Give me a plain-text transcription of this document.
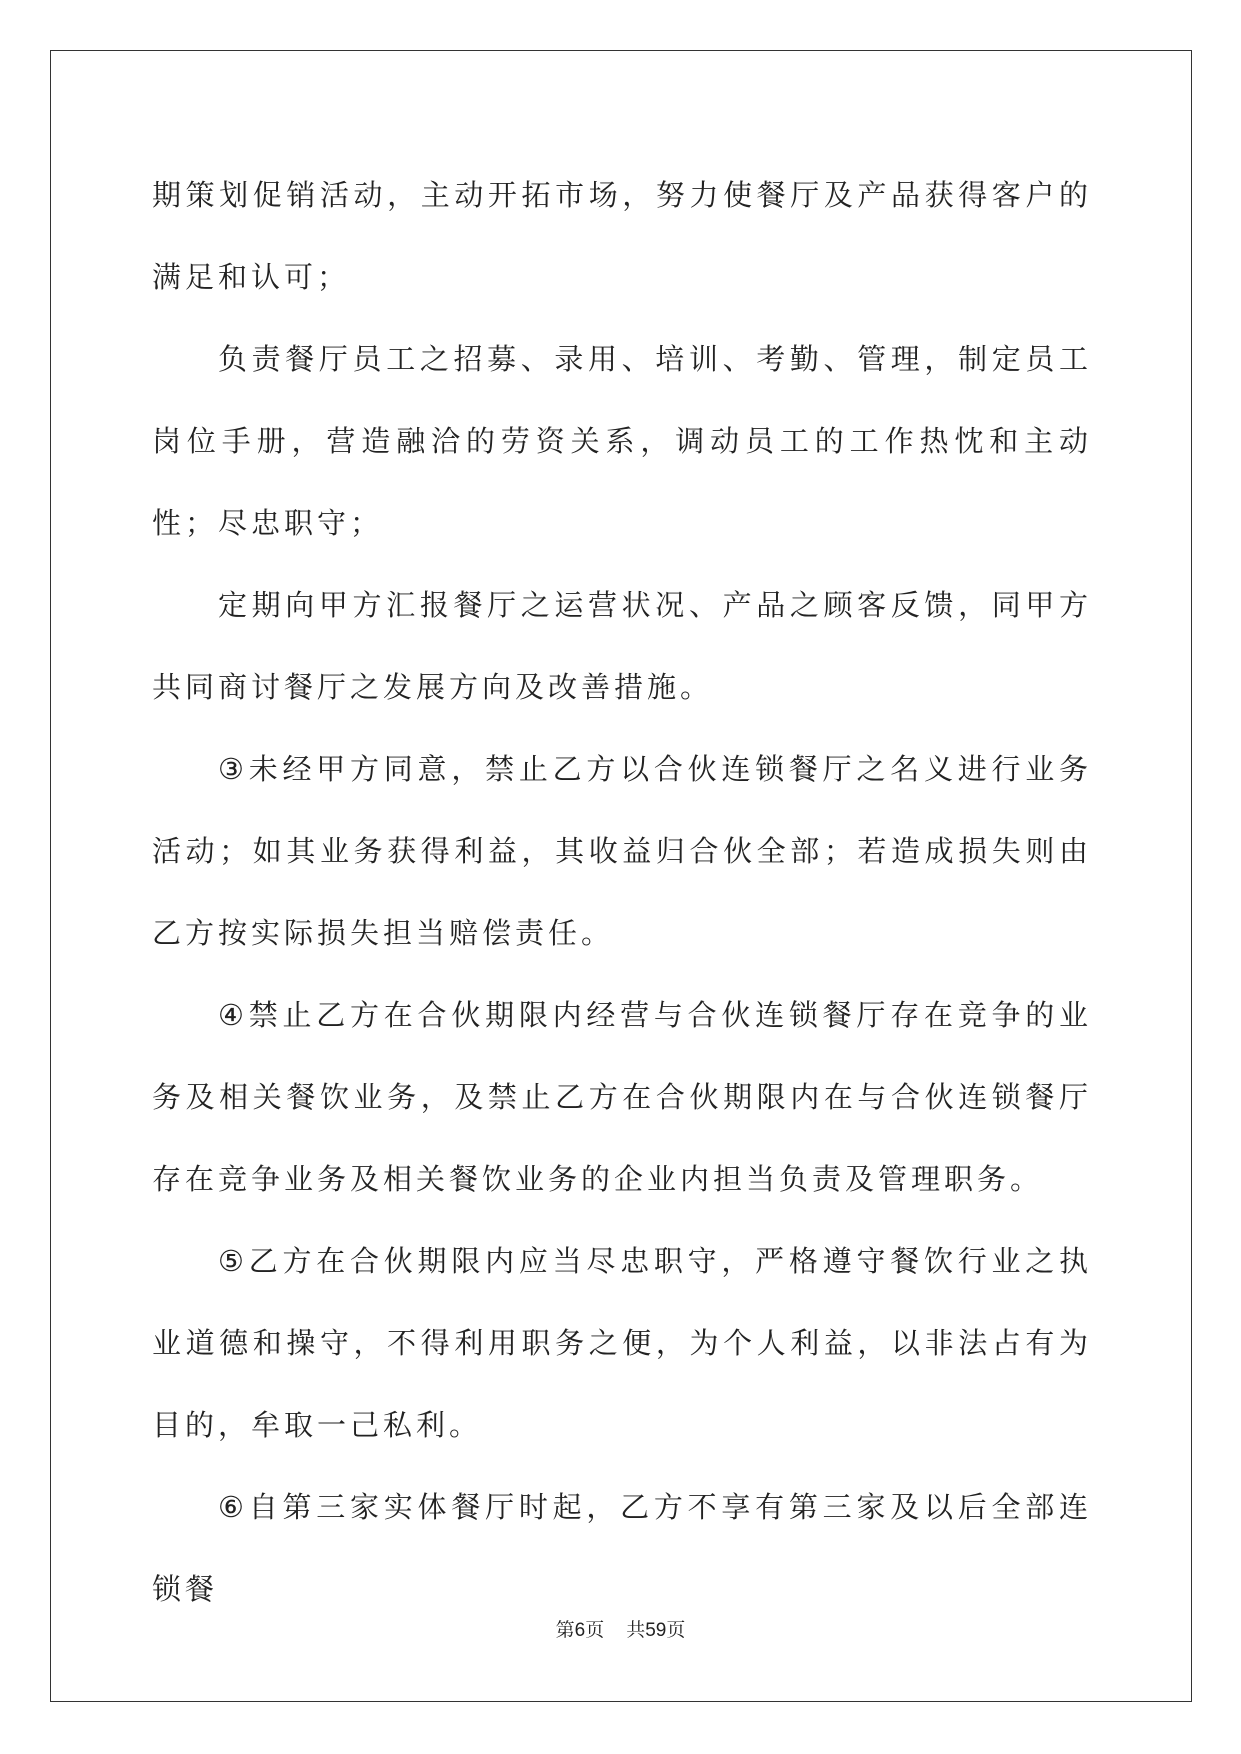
期策划促销活动，主动开拓市场，努力使餐厅及产品获得客户的满足和认可；

负责餐厅员工之招募、录用、培训、考勤、管理，制定员工岗位手册，营造融洽的劳资关系，调动员工的工作热忱和主动性；尽忠职守；

定期向甲方汇报餐厅之运营状况、产品之顾客反馈，同甲方共同商讨餐厅之发展方向及改善措施。

③未经甲方同意，禁止乙方以合伙连锁餐厅之名义进行业务活动；如其业务获得利益，其收益归合伙全部；若造成损失则由乙方按实际损失担当赔偿责任。

④禁止乙方在合伙期限内经营与合伙连锁餐厅存在竞争的业务及相关餐饮业务，及禁止乙方在合伙期限内在与合伙连锁餐厅存在竞争业务及相关餐饮业务的企业内担当负责及管理职务。

⑤乙方在合伙期限内应当尽忠职守，严格遵守餐饮行业之执业道德和操守，不得利用职务之便，为个人利益，以非法占有为目的，牟取一己私利。

⑥自第三家实体餐厅时起，乙方不享有第三家及以后全部连锁餐

第6页 共59页
